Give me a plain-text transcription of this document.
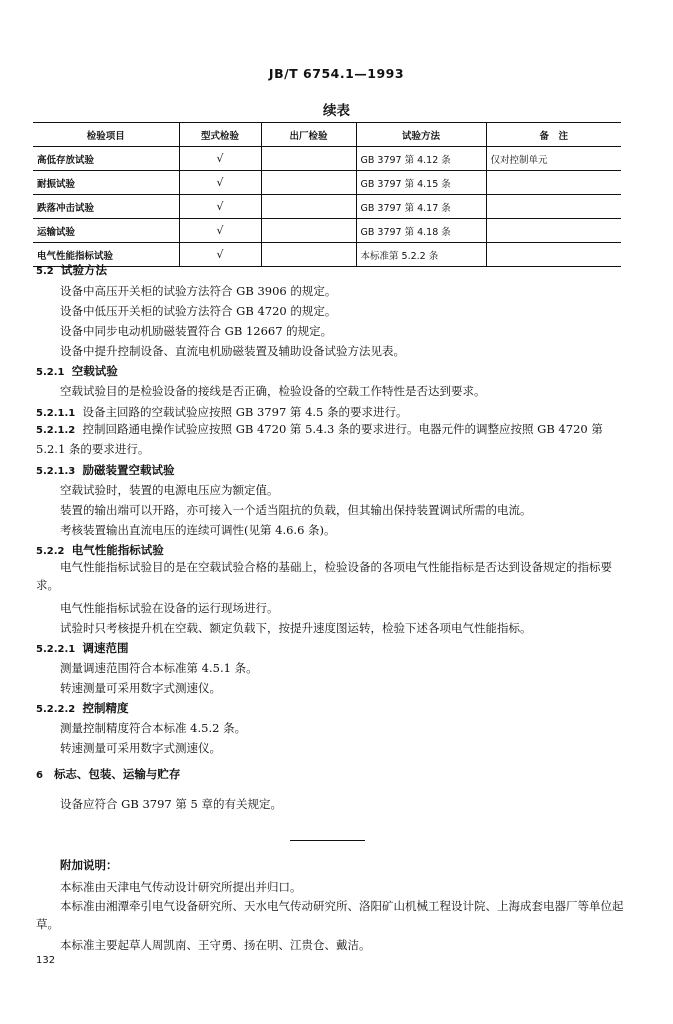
JB/T 6754.1—1993
续表
检验项目	型式检验	出厂检验	试验方法	备　注
高低存放试验	√		GB 3797 第 4.12 条	仅对控制单元
耐振试验	√		GB 3797 第 4.15 条	
跌落冲击试验	√		GB 3797 第 4.17 条	
运输试验	√		GB 3797 第 4.18 条	
电气性能指标试验	√		本标准第 5.2.2 条	
5.2 试验方法
设备中高压开关柜的试验方法符合 GB 3906 的规定。
设备中低压开关柜的试验方法符合 GB 4720 的规定。
设备中同步电动机励磁装置符合 GB 12667 的规定。
设备中提升控制设备、直流电机励磁装置及辅助设备试验方法见表。
5.2.1 空载试验
空载试验目的是检验设备的接线是否正确，检验设备的空载工作特性是否达到要求。
5.2.1.1 设备主回路的空载试验应按照 GB 3797 第 4.5 条的要求进行。
5.2.1.2 控制回路通电操作试验应按照 GB 4720 第 5.4.3 条的要求进行。电器元件的调整应按照 GB 4720 第 5.2.1 条的要求进行。
5.2.1.3 励磁装置空载试验
空载试验时，装置的电源电压应为额定值。
装置的输出端可以开路，亦可接入一个适当阻抗的负载，但其输出保持装置调试所需的电流。
考核装置输出直流电压的连续可调性(见第 4.6.6 条)。
5.2.2 电气性能指标试验
电气性能指标试验目的是在空载试验合格的基础上，检验设备的各项电气性能指标是否达到设备规定的指标要求。
电气性能指标试验在设备的运行现场进行。
试验时只考核提升机在空载、额定负载下，按提升速度图运转，检验下述各项电气性能指标。
5.2.2.1 调速范围
测量调速范围符合本标准第 4.5.1 条。
转速测量可采用数字式测速仪。
5.2.2.2 控制精度
测量控制精度符合本标准 4.5.2 条。
转速测量可采用数字式测速仪。
6 标志、包装、运输与贮存
设备应符合 GB 3797 第 5 章的有关规定。
附加说明：
本标准由天津电气传动设计研究所提出并归口。
本标准由湘潭牵引电气设备研究所、天水电气传动研究所、洛阳矿山机械工程设计院、上海成套电器厂等单位起草。
本标准主要起草人周凯南、王守勇、扬在明、江贵仓、戴洁。
132
